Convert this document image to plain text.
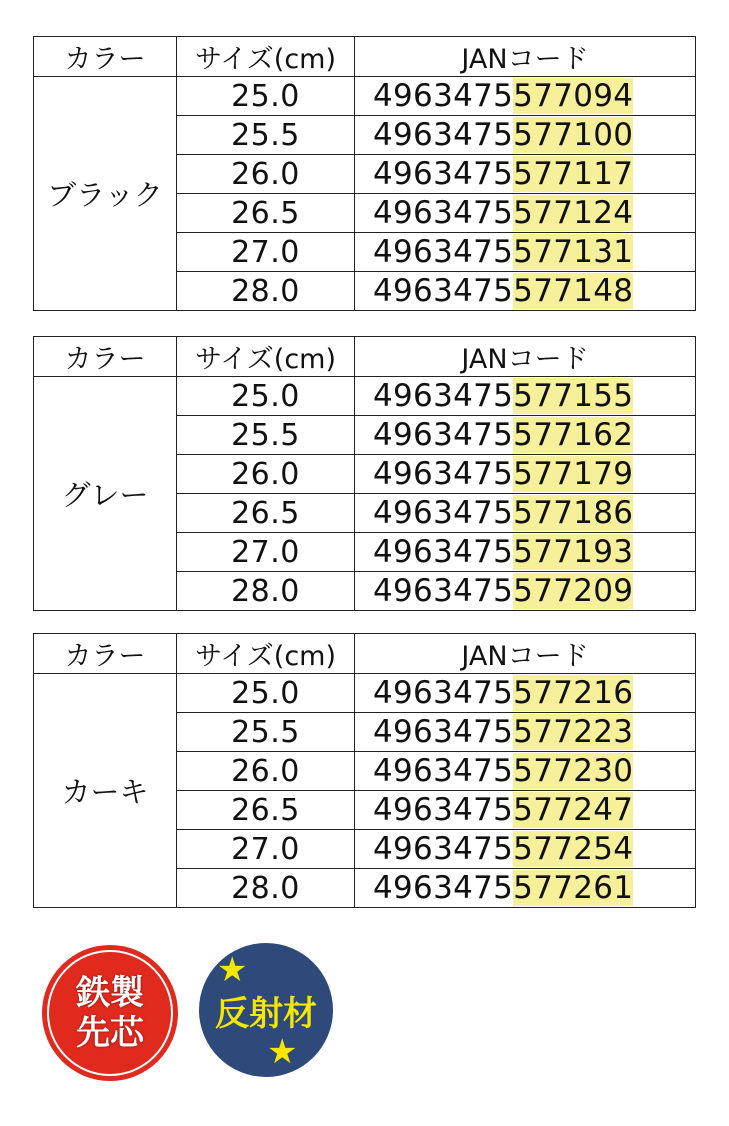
カラー	サイズ(cm)	JANコード
ブラック	25.0	4963475577094
	25.5	4963475577100
	26.0	4963475577117
	26.5	4963475577124
	27.0	4963475577131
	28.0	4963475577148
カラー	サイズ(cm)	JANコード
グレー	25.0	4963475577155
	25.5	4963475577162
	26.0	4963475577179
	26.5	4963475577186
	27.0	4963475577193
	28.0	4963475577209
カラー	サイズ(cm)	JANコード
カーキ	25.0	4963475577216
	25.5	4963475577223
	26.0	4963475577230
	26.5	4963475577247
	27.0	4963475577254
	28.0	4963475577261
鉄製
先芯 反射材
★
★
